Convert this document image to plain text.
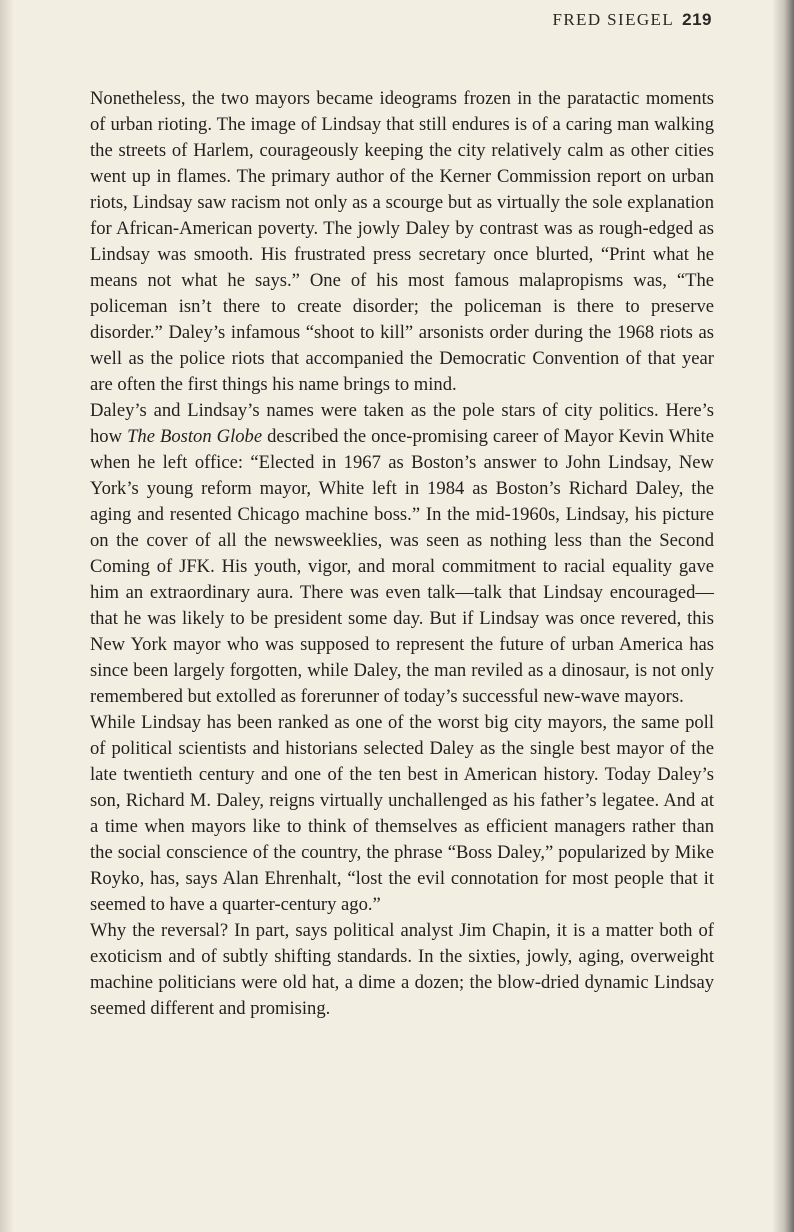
FRED SIEGEL 219

Nonetheless, the two mayors became ideograms frozen in the paratactic moments of urban rioting. The image of Lindsay that still endures is of a caring man walking the streets of Harlem, courageously keeping the city relatively calm as other cities went up in flames. The primary author of the Kerner Commission report on urban riots, Lindsay saw racism not only as a scourge but as virtually the sole explanation for African-American poverty. The jowly Daley by contrast was as rough-edged as Lindsay was smooth. His frustrated press secretary once blurted, “Print what he means not what he says.” One of his most famous malapropisms was, “The policeman isn’t there to create disorder; the policeman is there to preserve disorder.” Daley’s infamous “shoot to kill” arsonists order during the 1968 riots as well as the police riots that accompanied the Democratic Convention of that year are often the first things his name brings to mind.

Daley’s and Lindsay’s names were taken as the pole stars of city politics. Here’s how The Boston Globe described the once-promising career of Mayor Kevin White when he left office: “Elected in 1967 as Boston’s answer to John Lindsay, New York’s young reform mayor, White left in 1984 as Boston’s Richard Daley, the aging and resented Chicago machine boss.” In the mid-1960s, Lindsay, his picture on the cover of all the newsweeklies, was seen as nothing less than the Second Coming of JFK. His youth, vigor, and moral commitment to racial equality gave him an extraordinary aura. There was even talk—talk that Lindsay encouraged—that he was likely to be president some day. But if Lindsay was once revered, this New York mayor who was supposed to represent the future of urban America has since been largely forgotten, while Daley, the man reviled as a dinosaur, is not only remembered but extolled as forerunner of today’s successful new-wave mayors.

While Lindsay has been ranked as one of the worst big city mayors, the same poll of political scientists and historians selected Daley as the single best mayor of the late twentieth century and one of the ten best in American history. Today Daley’s son, Richard M. Daley, reigns virtually unchallenged as his father’s legatee. And at a time when mayors like to think of themselves as efficient managers rather than the social conscience of the country, the phrase “Boss Daley,” popularized by Mike Royko, has, says Alan Ehrenhalt, “lost the evil connotation for most people that it seemed to have a quarter-century ago.”

Why the reversal? In part, says political analyst Jim Chapin, it is a matter both of exoticism and of subtly shifting standards. In the sixties, jowly, aging, overweight machine politicians were old hat, a dime a dozen; the blow-dried dynamic Lindsay seemed different and promising.
